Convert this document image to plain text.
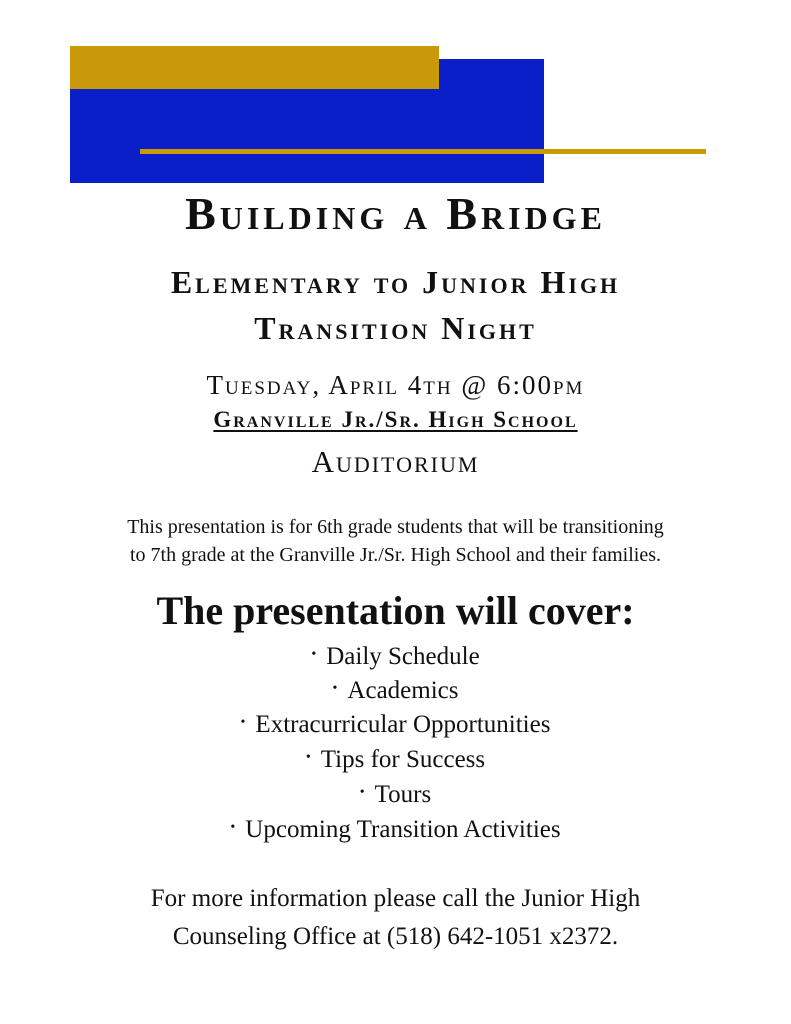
Building a Bridge
Elementary to Junior High
Transition Night
Tuesday, April 4th @ 6:00pm
Granville Jr./Sr. High School
Auditorium
This presentation is for 6th grade students that will be transitioning
to 7th grade at the Granville Jr./Sr. High School and their families.
The presentation will cover:
• Daily Schedule
• Academics
• Extracurricular Opportunities
• Tips for Success
• Tours
• Upcoming Transition Activities
For more information please call the Junior High
Counseling Office at (518) 642-1051 x2372.
